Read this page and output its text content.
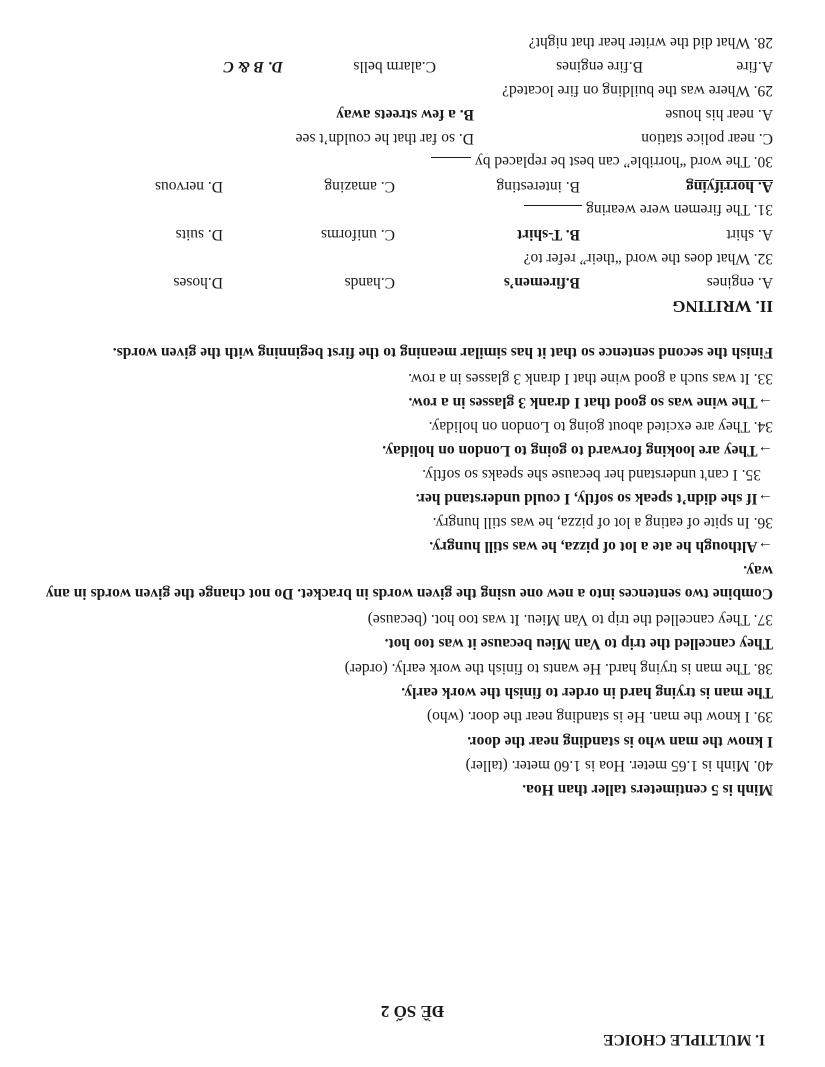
I. MULTIPLE CHOICE
ĐỀ SỐ 2
Minh is 5 centimeters taller than Hoa.
40. Minh is 1.65 meter. Hoa is 1.60 meter. (taller)
I know the man who is standing near the door.
39. I know the man. He is standing near the door. (who)
The man is trying hard in order to finish the work early.
38. The man is trying hard. He wants to finish the work early. (order)
They cancelled the trip to Van Mieu because it was too hot.
37. They cancelled the trip to Van Mieu. It was too hot. (because)
Combine two sentences into a new one using the given words in bracket. Do not change the given words in any way.
→Although he ate a lot of pizza, he was still hungry.
36. In spite of eating a lot of pizza, he was still hungry.
→If she didn’t speak so softly, I could understand her.
35. I can't understand her because she speaks so softly.
→They are looking forward to going to London on holiday.
34. They are excited about going to London on holiday.
→The wine was so good that I drank 3 glasses in a row.
33. It was such a good wine that I drank 3 glasses in a row.
Finish the second sentence so that it has similar meaning to the first beginning with the given words.
II. WRITING
A. engines
B.firemen’s
C.hands
D.hoses
32. What does the word “their” refer to?
A. shirt
B. T-shirt
C. uniforms
D. suits
31. The firemen were wearing
A. horrifying
B. interesting
C. amazing
D. nervous
30. The word “horrible” can best be replaced by
C. near police station
D. so far that he couldn’t see
A. near his house
B. a few streets away
29. Where was the building on fire located?
A.fire
B.fire engines
C.alarm bells
D. B & C
28. What did the writer hear that night?
